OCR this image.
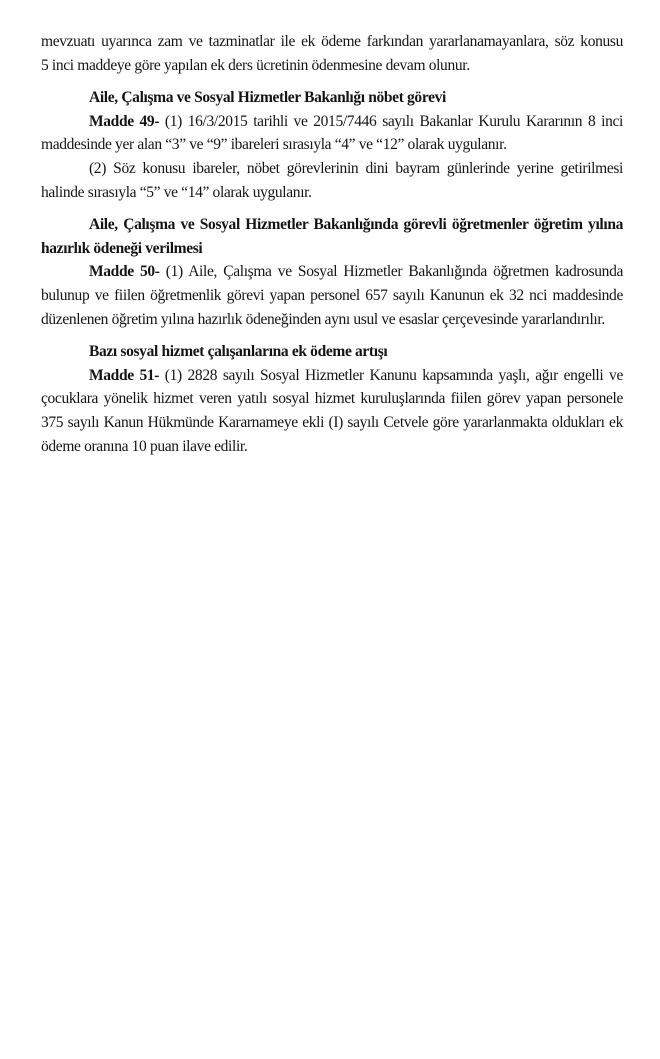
mevzuatı uyarınca zam ve tazminatlar ile ek ödeme farkından yararlanamayanlara, söz konusu

5 inci maddeye göre yapılan ek ders ücretinin ödenmesine devam olunur.

Aile, Çalışma ve Sosyal Hizmetler Bakanlığı nöbet görevi

Madde 49- (1) 16/3/2015 tarihli ve 2015/7446 sayılı Bakanlar Kurulu Kararının 8 inci maddesinde yer alan “3” ve “9” ibareleri sırasıyla “4” ve “12” olarak uygulanır.

(2) Söz konusu ibareler, nöbet görevlerinin dini bayram günlerinde yerine getirilmesi halinde sırasıyla “5” ve “14” olarak uygulanır.

Aile, Çalışma ve Sosyal Hizmetler Bakanlığında görevli öğretmenler öğretim yılına hazırlık ödeneği verilmesi

Madde 50- (1) Aile, Çalışma ve Sosyal Hizmetler Bakanlığında öğretmen kadrosunda bulunup ve fiilen öğretmenlik görevi yapan personel 657 sayılı Kanunun ek 32 nci maddesinde düzenlenen öğretim yılına hazırlık ödeneğinden aynı usul ve esaslar çerçevesinde yararlandırılır.

Bazı sosyal hizmet çalışanlarına ek ödeme artışı

Madde 51- (1) 2828 sayılı Sosyal Hizmetler Kanunu kapsamında yaşlı, ağır engelli ve çocuklara yönelik hizmet veren yatılı sosyal hizmet kuruluşlarında fiilen görev yapan personele 375 sayılı Kanun Hükmünde Kararnameye ekli (I) sayılı Cetvele göre yararlanmakta oldukları ek ödeme oranına 10 puan ilave edilir.
